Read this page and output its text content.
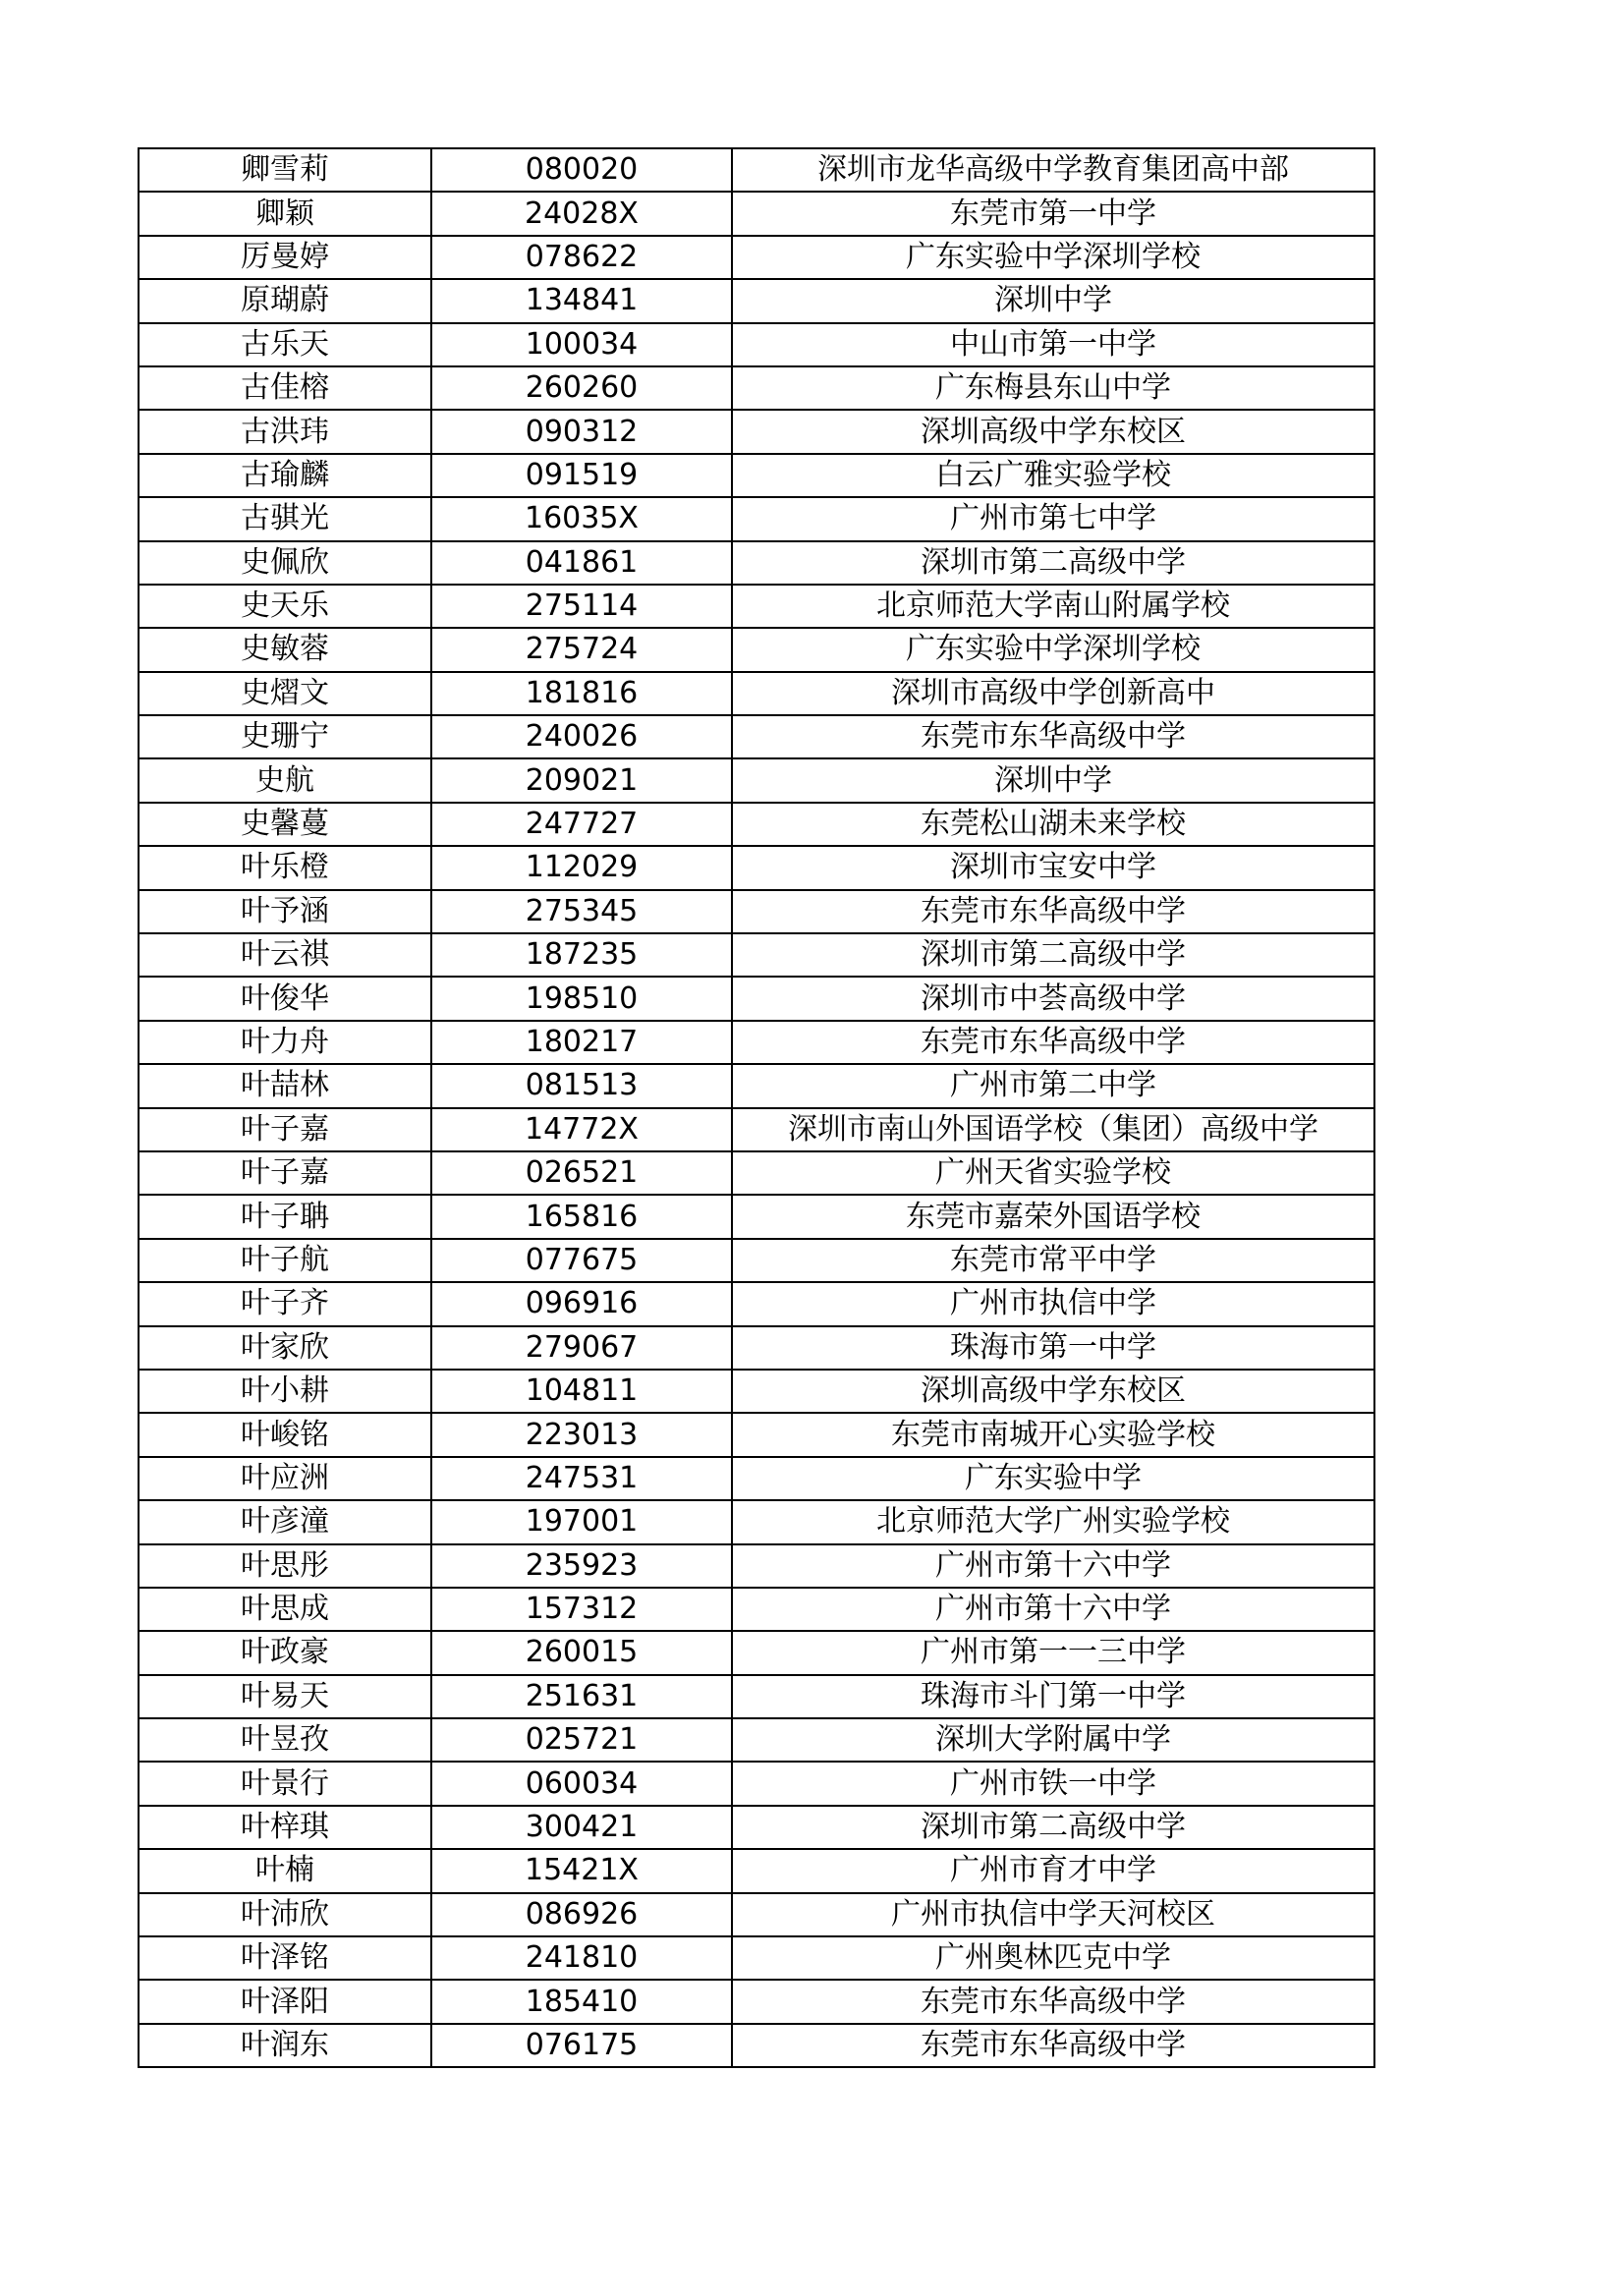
卿雪莉	080020	深圳市龙华高级中学教育集团高中部
卿颖	24028X	东莞市第一中学
厉曼婷	078622	广东实验中学深圳学校
原瑚蔚	134841	深圳中学
古乐天	100034	中山市第一中学
古佳榕	260260	广东梅县东山中学
古洪玮	090312	深圳高级中学东校区
古瑜麟	091519	白云广雅实验学校
古骐光	16035X	广州市第七中学
史佩欣	041861	深圳市第二高级中学
史天乐	275114	北京师范大学南山附属学校
史敏蓉	275724	广东实验中学深圳学校
史熠文	181816	深圳市高级中学创新高中
史珊宁	240026	东莞市东华高级中学
史航	209021	深圳中学
史馨蔓	247727	东莞松山湖未来学校
叶乐橙	112029	深圳市宝安中学
叶予涵	275345	东莞市东华高级中学
叶云祺	187235	深圳市第二高级中学
叶俊华	198510	深圳市中荟高级中学
叶力舟	180217	东莞市东华高级中学
叶喆林	081513	广州市第二中学
叶子嘉	14772X	深圳市南山外国语学校（集团）高级中学
叶子嘉	026521	广州天省实验学校
叶子聃	165816	东莞市嘉荣外国语学校
叶子航	077675	东莞市常平中学
叶子齐	096916	广州市执信中学
叶家欣	279067	珠海市第一中学
叶小耕	104811	深圳高级中学东校区
叶峻铭	223013	东莞市南城开心实验学校
叶应洲	247531	广东实验中学
叶彦潼	197001	北京师范大学广州实验学校
叶思彤	235923	广州市第十六中学
叶思成	157312	广州市第十六中学
叶政豪	260015	广州市第一一三中学
叶易天	251631	珠海市斗门第一中学
叶昱孜	025721	深圳大学附属中学
叶景行	060034	广州市铁一中学
叶梓琪	300421	深圳市第二高级中学
叶楠	15421X	广州市育才中学
叶沛欣	086926	广州市执信中学天河校区
叶泽铭	241810	广州奥林匹克中学
叶泽阳	185410	东莞市东华高级中学
叶润东	076175	东莞市东华高级中学
